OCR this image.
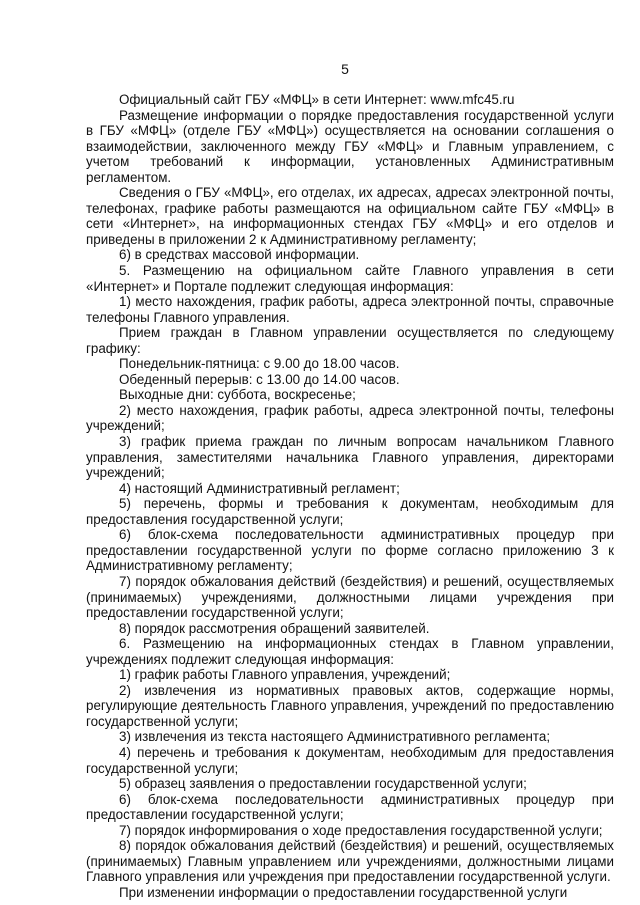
5

Официальный сайт ГБУ «МФЦ» в сети Интернет: www.mfc45.ru

Размещение информации о порядке предоставления государственной услуги в ГБУ «МФЦ» (отделе ГБУ «МФЦ») осуществляется на основании соглашения о взаимодействии, заключенного между ГБУ «МФЦ» и Главным управлением, с учетом требований к информации, установленных Административным регламентом.

Сведения о ГБУ «МФЦ», его отделах, их адресах, адресах электронной почты, телефонах, графике работы размещаются на официальном сайте ГБУ «МФЦ» в сети «Интернет», на информационных стендах ГБУ «МФЦ» и его отделов и приведены в приложении 2 к Административному регламенту;

6) в средствах массовой информации.

5. Размещению на официальном сайте Главного управления в сети «Интернет» и Портале подлежит следующая информация:

1) место нахождения, график работы, адреса электронной почты, справочные телефоны Главного управления.

Прием граждан в Главном управлении осуществляется по следующему графику:

Понедельник-пятница: с 9.00 до 18.00 часов.

Обеденный перерыв: с 13.00 до 14.00 часов.

Выходные дни: суббота, воскресенье;

2) место нахождения, график работы, адреса электронной почты, телефоны учреждений;

3) график приема граждан по личным вопросам начальником Главного управления, заместителями начальника Главного управления, директорами учреждений;

4) настоящий Административный регламент;

5) перечень, формы и требования к документам, необходимым для предоставления государственной услуги;

6) блок-схема последовательности административных процедур при предоставлении государственной услуги по форме согласно приложению 3 к Административному регламенту;

7) порядок обжалования действий (бездействия) и решений, осуществляемых (принимаемых) учреждениями, должностными лицами учреждения при предоставлении государственной услуги;

8) порядок рассмотрения обращений заявителей.

6. Размещению на информационных стендах в Главном управлении, учреждениях подлежит следующая информация:

1) график работы Главного управления, учреждений;

2) извлечения из нормативных правовых актов, содержащие нормы, регулирующие деятельность Главного управления, учреждений по предоставлению государственной услуги;

3) извлечения из текста настоящего Административного регламента;

4) перечень и требования к документам, необходимым для предоставления государственной услуги;

5) образец заявления о предоставлении государственной услуги;

6) блок-схема последовательности административных процедур при предоставлении государственной услуги;

7) порядок информирования о ходе предоставления государственной услуги;

8) порядок обжалования действий (бездействия) и решений, осуществляемых (принимаемых) Главным управлением или учреждениями, должностными лицами Главного управления или учреждения при предоставлении государственной услуги.

При изменении информации о предоставлении государственной услуги
